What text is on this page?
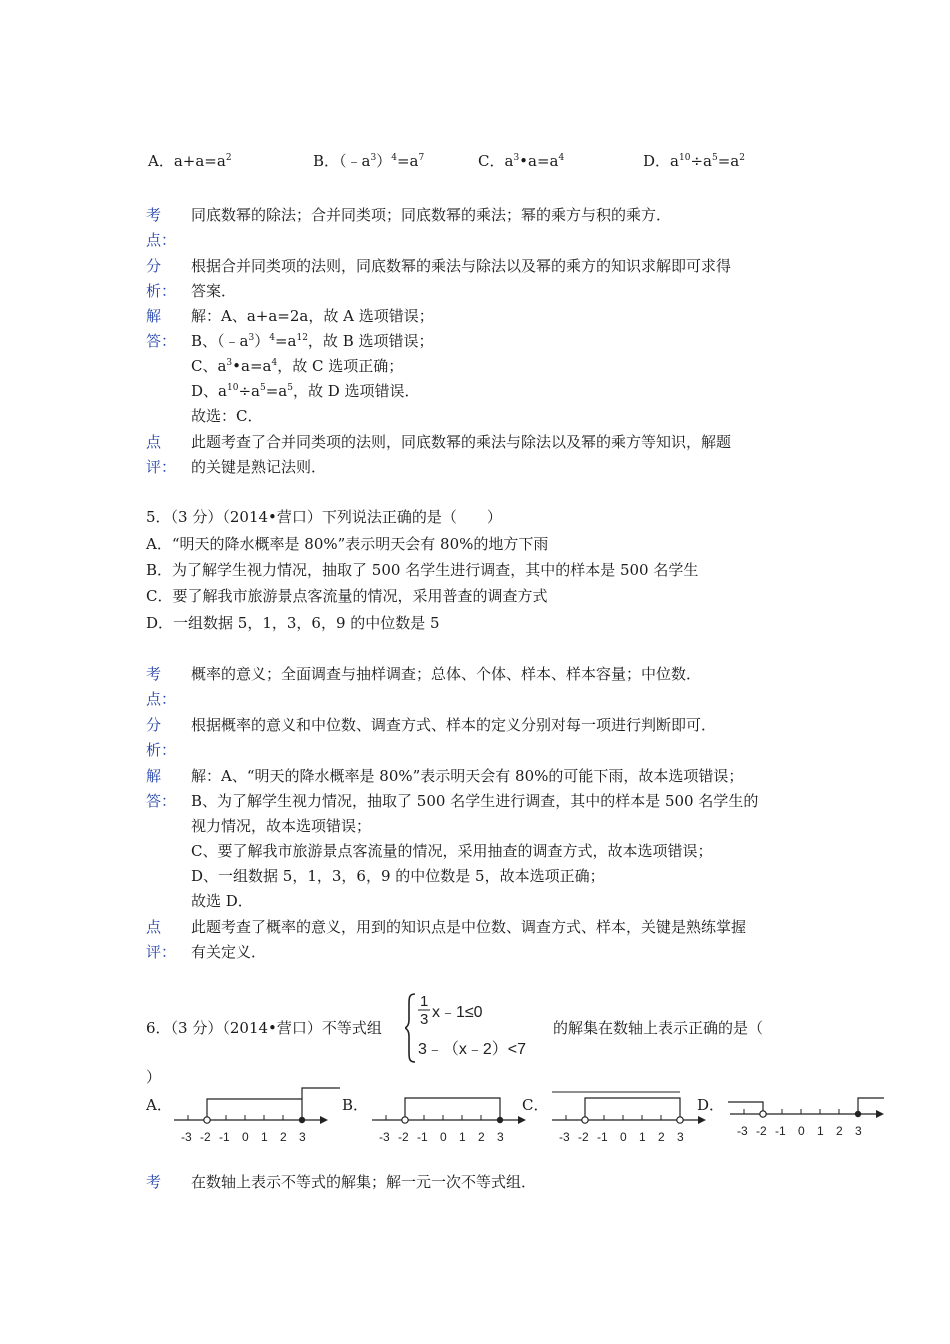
A．$a+a=a^2$	B．$(﹣a^3)^4=a^7$	C．$a^3•a=a^4$	D．$a^{10}\div a^5=a^2$
考
点：
同底数幂的除法；合并同类项；同底数幂的乘法；幂的乘方与积的乘方．
分
析：
根据合并同类项的法则，同底数幂的乘法与除法以及幂的乘方的知识求解即可求得
答案．
解
答：
解：A、a+a=2a，故 A 选项错误；
B、$(﹣a^3)^4=a^{12}$，故 B 选项错误；
C、$a^3•a=a^4$，故 C 选项正确；
D、$a^{10}\div a^5=a^5$，故 D 选项错误．
故选：C．
点
评：
此题考查了合并同类项的法则，同底数幂的乘法与除法以及幂的乘方等知识，解题
的关键是熟记法则．
5．（3 分）（2014•营口）下列说法正确的是（　　）
A．“明天的降水概率是 80%”表示明天会有 80%的地方下雨
B．为了解学生视力情况，抽取了 500 名学生进行调查，其中的样本是 500 名学生
C．要了解我市旅游景点客流量的情况，采用普查的调查方式
D．一组数据 5，1，3，6，9 的中位数是 5
考
点：
概率的意义；全面调查与抽样调查；总体、个体、样本、样本容量；中位数．
分
析：
根据概率的意义和中位数、调查方式、样本的定义分别对每一项进行判断即可．
解
答：
解：A、“明天的降水概率是 80%”表示明天会有 80%的可能下雨，故本选项错误；
B、为了解学生视力情况，抽取了 500 名学生进行调查，其中的样本是 500 名学生的
视力情况，故本选项错误；
C、要了解我市旅游景点客流量的情况，采用抽查的调查方式，故本选项错误；
D、一组数据 5，1，3，6，9 的中位数是 5，故本选项正确；
故选 D．
点
评：
此题考查了概率的意义，用到的知识点是中位数、调查方式、样本，关键是熟练掌握
有关定义．
6．（3 分）（2014•营口）不等式组
1
3 x﹣1≤0
3﹣（x﹣2）<7
的解集在数轴上表示正确的是（
）
A．	B．	C．	D．
-3 -2 -1 0 1 2 3	-3 -2 -1 0 1 2 3	-3 -2 -1 0 1 2 3	-3 -2 -1 0 1 2 3
考 在数轴上表示不等式的解集；解一元一次不等式组．
